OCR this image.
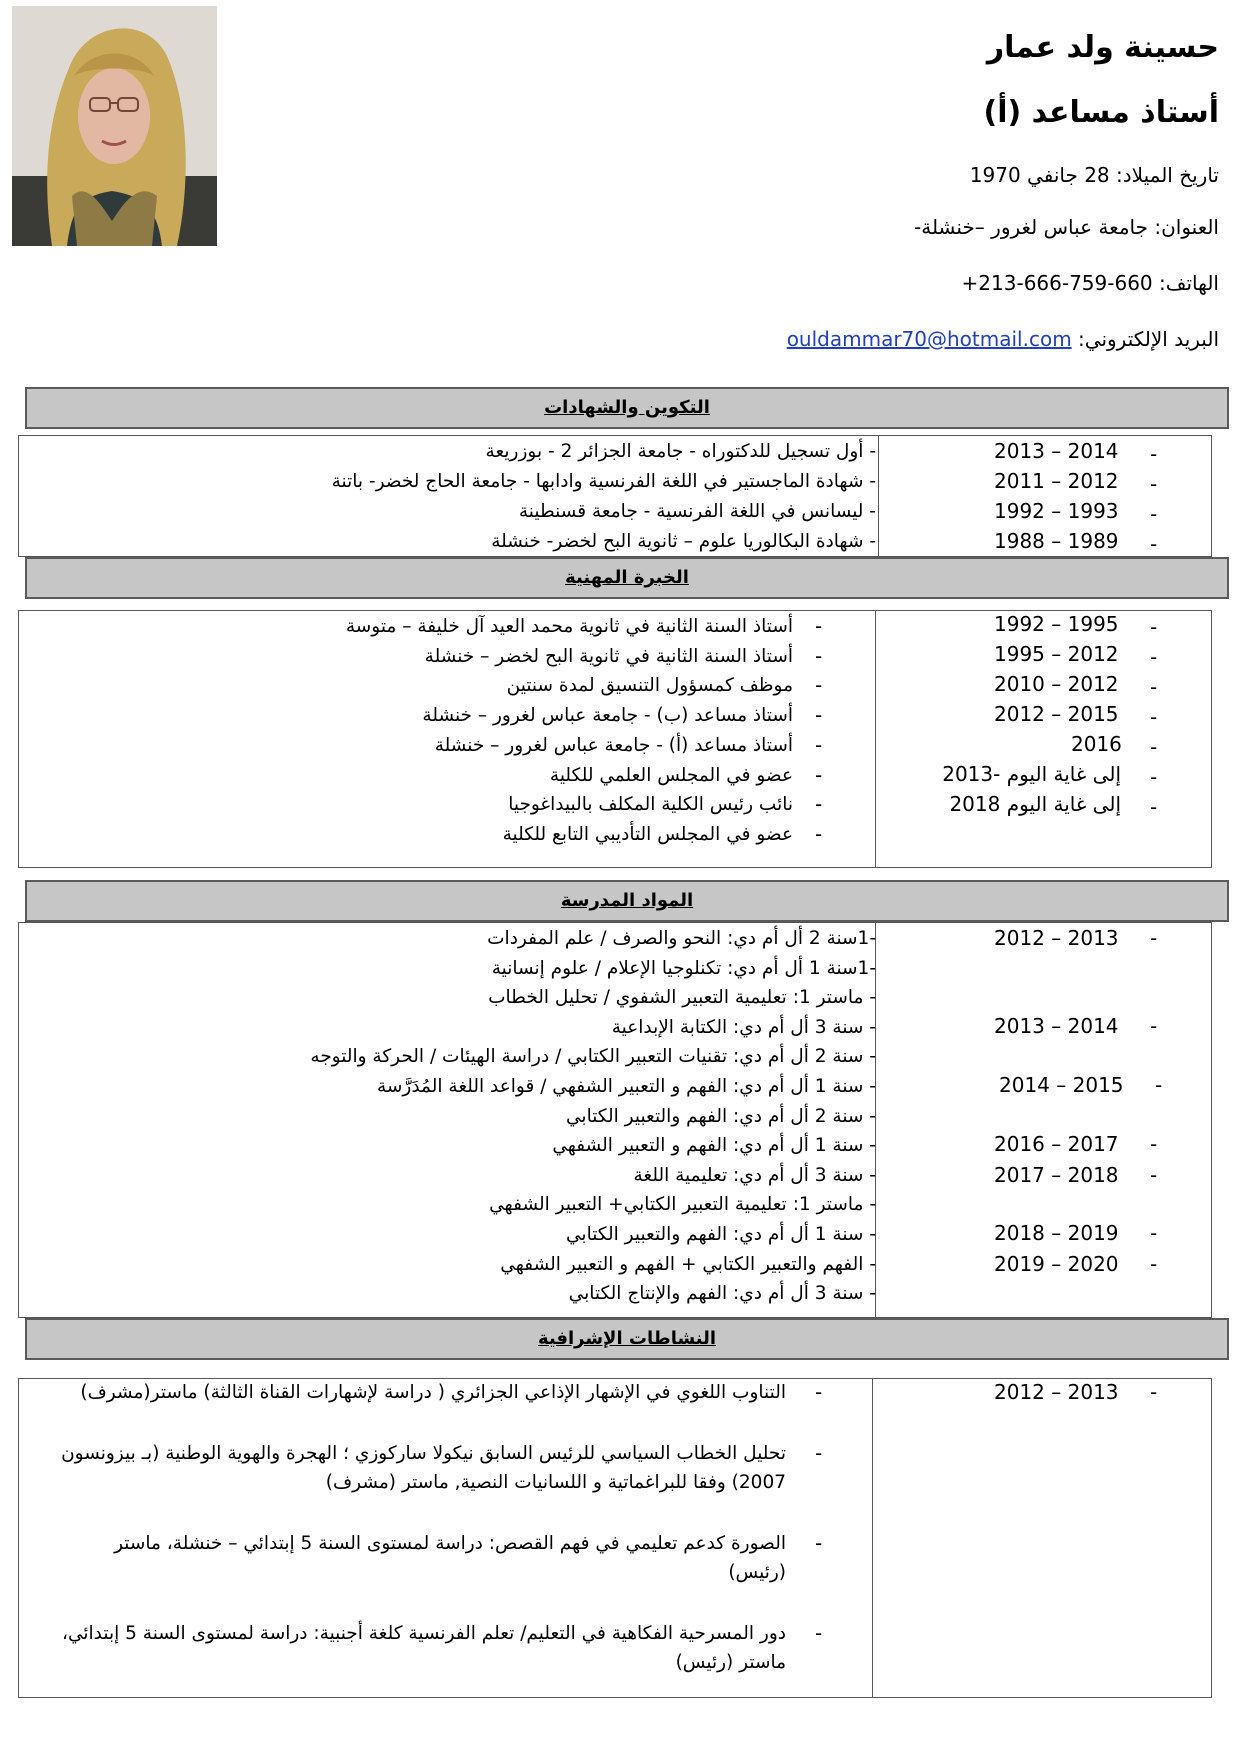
حسينة ولد عمار
أستاذ مساعد (أ)
تاريخ الميلاد: 28 جانفي 1970
العنوان: جامعة عباس لغرور –خنشلة-
الهاتف: +213-666-759-660
البريد الإلكتروني: ouldammar70@hotmail.com
التكوين والشهادات
- أول تسجيل للدكتوراه - جامعة الجزائر 2 - بوزريعة
- شهادة الماجستير في اللغة الفرنسية وادابها - جامعة الحاج لخضر- باتنة
- ليسانس في اللغة الفرنسية - جامعة قسنطينة
- شهادة البكالوريا علوم – ثانوية البح لخضر- خنشلة
2013 – 2014
2011 – 2012
1992 – 1993
1988 – 1989
-
-
-
-
الخبرة المهنية
أستاذ السنة الثانية في ثانوية محمد العيد آل خليفة – متوسة
أستاذ السنة الثانية في ثانوية البح لخضر – خنشلة
موظف كمسؤول التنسيق لمدة سنتين
أستاذ مساعد (ب) - جامعة عباس لغرور – خنشلة
أستاذ مساعد (أ) - جامعة عباس لغرور – خنشلة
عضو في المجلس العلمي للكلية
نائب رئيس الكلية المكلف بالبيداغوجيا
عضو في المجلس التأديبي التابع للكلية
-
-
-
-
-
-
-
-
1992 – 1995
1995 – 2012
2010 – 2012
2012 – 2015
2016
2013- إلى غاية اليوم
2018 إلى غاية اليوم
-
-
-
-
-
-
-
المواد المدرسة
-1سنة 2 أل أم دي: النحو والصرف / علم المفردات
-1سنة 1 أل أم دي: تكنلوجيا الإعلام / علوم إنسانية
- ماستر 1: تعليمية التعبير الشفوي / تحليل الخطاب
- سنة 3 أل أم دي: الكتابة الإبداعية
- سنة 2 أل أم دي: تقنيات التعبير الكتابي / دراسة الهيئات / الحركة والتوجه
- سنة 1 أل أم دي: الفهم و التعبير الشفهي / قواعد اللغة المُدَرَّسة
- سنة 2 أل أم دي: الفهم والتعبير الكتابي
- سنة 1 أل أم دي: الفهم و التعبير الشفهي
- سنة 3 أل أم دي: تعليمية اللغة
- ماستر 1: تعليمية التعبير الكتابي+ التعبير الشفهي
- سنة 1 أل أم دي: الفهم والتعبير الكتابي
- الفهم والتعبير الكتابي + الفهم و التعبير الشفهي
- سنة 3 أل أم دي: الفهم والإنتاج الكتابي
2012 – 2013
2013 – 2014
2014 – 2015
2016 – 2017
2017 – 2018
2018 – 2019
2019 – 2020
-
-
-
-
-
-
-
النشاطات الإشرافية
التناوب اللغوي في الإشهار الإذاعي الجزائري ( دراسة لإشهارات القناة الثالثة) ماستر(مشرف)
تحليل الخطاب السياسي للرئيس السابق نيكولا ساركوزي ؛ الهجرة والهوية الوطنية (بـ بيزونسون 2007) وفقا للبراغماتية و اللسانيات النصية, ماستر (مشرف)
الصورة كدعم تعليمي في فهم القصص: دراسة لمستوى السنة 5 إبتدائي – خنشلة، ماستر (رئيس)
دور المسرحية الفكاهية في التعليم/ تعلم الفرنسية كلغة أجنبية: دراسة لمستوى السنة 5 إبتدائي، ماستر (رئيس)
-
-
-
-
2012 – 2013 -
